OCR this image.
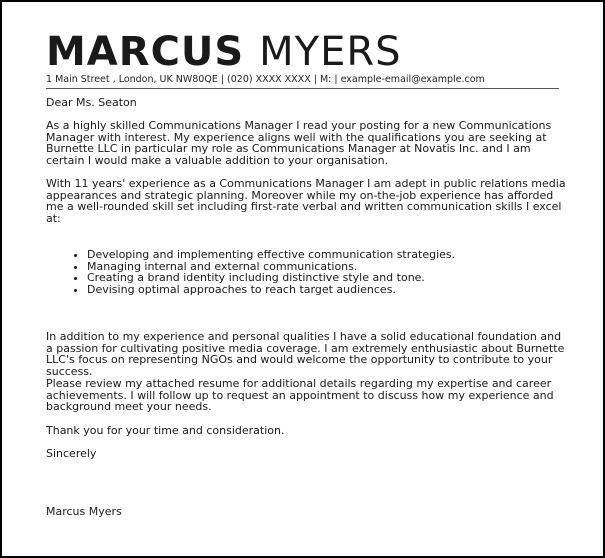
MARCUS MYERS
1 Main Street , London, UK NW80QE | (020) XXXX XXXX | M: | example-email@example.com

Dear Ms. Seaton

As a highly skilled Communications Manager I read your posting for a new Communications Manager with interest. My experience aligns well with the qualifications you are seeking at Burnette LLC in particular my role as Communications Manager at Novatis Inc. and I am certain I would make a valuable addition to your organisation.

With 11 years' experience as a Communications Manager I am adept in public relations media appearances and strategic planning. Moreover while my on-the-job experience has afforded me a well-rounded skill set including first-rate verbal and written communication skills I excel at:

• Developing and implementing effective communication strategies.
• Managing internal and external communications.
• Creating a brand identity including distinctive style and tone.
• Devising optimal approaches to reach target audiences.

In addition to my experience and personal qualities I have a solid educational foundation and a passion for cultivating positive media coverage. I am extremely enthusiastic about Burnette LLC's focus on representing NGOs and would welcome the opportunity to contribute to your success.

Please review my attached resume for additional details regarding my expertise and career achievements. I will follow up to request an appointment to discuss how my experience and background meet your needs.

Thank you for your time and consideration.

Sincerely

Marcus Myers
